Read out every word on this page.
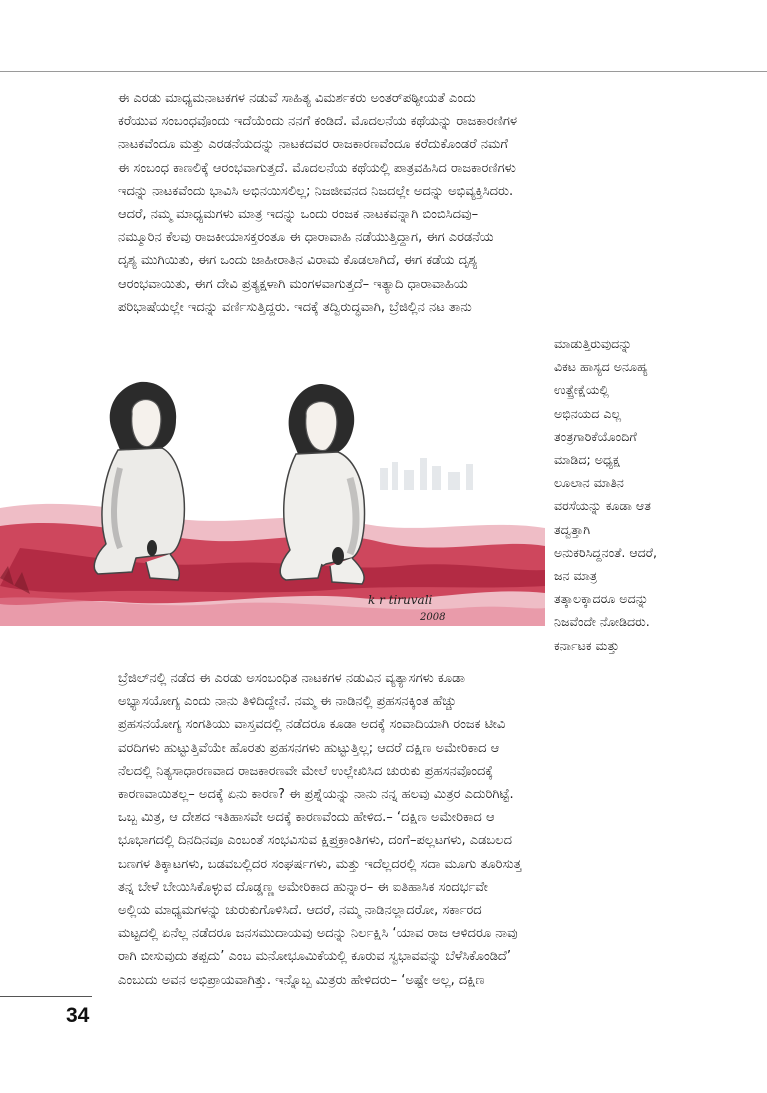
ಈ ಎರಡು ಮಾಧ್ಯಮನಾಟಕಗಳ ನಡುವೆ ಸಾಹಿತ್ಯ ವಿಮರ್ಶಕರು ಅಂತರ್‌ಪಠ್ಯೀಯತೆ ಎಂದು
ಕರೆಯುವ ಸಂಬಂಧವೊಂದು ಇದೆಯೆಂದು ನನಗೆ ಕಂಡಿದೆ. ಮೊದಲನೆಯ ಕಥೆಯನ್ನು ರಾಜಕಾರಣಿಗಳ
ನಾಟಕವೆಂದೂ ಮತ್ತು ಎರಡನೆಯದನ್ನು ನಾಟಕದವರ ರಾಜಕಾರಣವೆಂದೂ ಕರೆದುಕೊಂಡರೆ ನಮಗೆ
ಈ ಸಂಬಂಧ ಕಾಣಲಿಕ್ಕೆ ಆರಂಭವಾಗುತ್ತದೆ. ಮೊದಲನೆಯ ಕಥೆಯಲ್ಲಿ ಪಾತ್ರವಹಿಸಿದ ರಾಜಕಾರಣಿಗಳು
ಇದನ್ನು ನಾಟಕವೆಂದು ಭಾವಿಸಿ ಅಭಿನಯಿಸಲಿಲ್ಲ; ನಿಜಜೀವನದ ನಿಜದಲ್ಲೇ ಅದನ್ನು ಅಭಿವ್ಯಕ್ತಿಸಿದರು.
ಆದರೆ, ನಮ್ಮ ಮಾಧ್ಯಮಗಳು ಮಾತ್ರ ಇದನ್ನು ಒಂದು ರಂಜಕ ನಾಟಕವನ್ನಾಗಿ ಬಿಂಬಿಸಿದವು–
ನಮ್ಮೂರಿನ ಕೆಲವು ರಾಜಕೀಯಾಸಕ್ತರಂತೂ ಈ ಧಾರಾವಾಹಿ ನಡೆಯುತ್ತಿದ್ದಾಗ, ಈಗ ಎರಡನೆಯ
ದೃಶ್ಯ ಮುಗಿಯಿತು, ಈಗ ಒಂದು ಜಾಹೀರಾತಿನ ವಿರಾಮ ಕೊಡಲಾಗಿದೆ, ಈಗ ಕಡೆಯ ದೃಶ್ಯ
ಆರಂಭವಾಯಿತು, ಈಗ ದೇವಿ ಪ್ರತ್ಯಕ್ಷಳಾಗಿ ಮಂಗಳವಾಗುತ್ತದೆ– ಇತ್ಯಾದಿ ಧಾರಾವಾಹಿಯ
ಪರಿಭಾಷೆಯಲ್ಲೇ ಇದನ್ನು ವರ್ಣಿಸುತ್ತಿದ್ದರು. ಇದಕ್ಕೆ ತದ್ವಿರುದ್ಧವಾಗಿ, ಬ್ರೆಜಿಲ್ಲಿನ ನಟ ತಾನು
k r tiruvali
2008
ಮಾಡುತ್ತಿರುವುದನ್ನು
ವಿಕಟ ಹಾಸ್ಯದ ಅನೂಹ್ಯ
ಉತ್ಪ್ರೇಕ್ಷೆಯಲ್ಲಿ
ಅಭಿನಯದ ಎಲ್ಲ
ತಂತ್ರಗಾರಿಕೆಯೊಂದಿಗೆ
ಮಾಡಿದ; ಅಧ್ಯಕ್ಷ
ಲೂಲಾನ ಮಾತಿನ
ವರಸೆಯನ್ನು ಕೂಡಾ ಆತ
ತದ್ವತ್ತಾಗಿ
ಅನುಕರಿಸಿದ್ದನಂತೆ. ಆದರೆ,
ಜನ ಮಾತ್ರ
ತತ್ಕಾಲಕ್ಕಾದರೂ ಅದನ್ನು
ನಿಜವೆಂದೇ ನೋಡಿದರು.
ಕರ್ನಾಟಕ ಮತ್ತು
ಬ್ರೆಜಿಲ್‌ನಲ್ಲಿ ನಡೆದ ಈ ಎರಡು ಅಸಂಬಂಧಿತ ನಾಟಕಗಳ ನಡುವಿನ ವ್ಯತ್ಯಾಸಗಳು ಕೂಡಾ
ಅಭ್ಯಾಸಯೋಗ್ಯ ಎಂದು ನಾನು ತಿಳಿದಿದ್ದೇನೆ. ನಮ್ಮ ಈ ನಾಡಿನಲ್ಲಿ ಪ್ರಹಸನಕ್ಕಿಂತ ಹೆಚ್ಚು
ಪ್ರಹಸನಯೋಗ್ಯ ಸಂಗತಿಯು ವಾಸ್ತವದಲ್ಲಿ ನಡೆದರೂ ಕೂಡಾ ಅದಕ್ಕೆ ಸಂವಾದಿಯಾಗಿ ರಂಜಕ ಟೀವಿ
ವರದಿಗಳು ಹುಟ್ಟುತ್ತಿವೆಯೇ ಹೊರತು ಪ್ರಹಸನಗಳು ಹುಟ್ಟುತ್ತಿಲ್ಲ; ಆದರೆ ದಕ್ಷಿಣ ಅಮೇರಿಕಾದ ಆ
ನೆಲದಲ್ಲಿ ನಿತ್ಯಸಾಧಾರಣವಾದ ರಾಜಕಾರಣವೇ ಮೇಲೆ ಉಲ್ಲೇಖಿಸಿದ ಚುರುಕು ಪ್ರಹಸನವೊಂದಕ್ಕೆ
ಕಾರಣವಾಯಿತಲ್ಲ– ಅದಕ್ಕೆ ಏನು ಕಾರಣ? ಈ ಪ್ರಶ್ನೆಯನ್ನು ನಾನು ನನ್ನ ಹಲವು ಮಿತ್ರರ ಎದುರಿಗಿಟ್ಟೆ.
ಒಬ್ಬ ಮಿತ್ರ, ಆ ದೇಶದ ಇತಿಹಾಸವೇ ಅದಕ್ಕೆ ಕಾರಣವೆಂದು ಹೇಳಿದ.– ‘ದಕ್ಷಿಣ ಅಮೇರಿಕಾದ ಆ
ಭೂಭಾಗದಲ್ಲಿ ದಿನದಿನವೂ ಎಂಬಂತೆ ಸಂಭವಿಸುವ ಕ್ಷಿಪ್ರಕ್ರಾಂತಿಗಳು, ದಂಗೆ–ಪಲ್ಲಟಗಳು, ಎಡಬಲದ
ಬಣಗಳ ತಿಕ್ಕಾಟಗಳು, ಬಡವಬಲ್ಲಿದರ ಸಂಘರ್ಷಗಳು, ಮತ್ತು ಇದೆಲ್ಲದರಲ್ಲಿ ಸದಾ ಮೂಗು ತೂರಿಸುತ್ತ
ತನ್ನ ಬೇಳೆ ಬೇಯಿಸಿಕೊಳ್ಳುವ ದೊಡ್ಡಣ್ಣ ಅಮೇರಿಕಾದ ಹುನ್ನಾರ– ಈ ಐತಿಹಾಸಿಕ ಸಂದರ್ಭವೇ
ಅಲ್ಲಿಯ ಮಾಧ್ಯಮಗಳನ್ನು ಚುರುಕುಗೊಳಿಸಿದೆ. ಆದರೆ, ನಮ್ಮ ನಾಡಿನಲ್ಲಾದರೋ, ಸರ್ಕಾರದ
ಮಟ್ಟದಲ್ಲಿ ಏನೆಲ್ಲ ನಡೆದರೂ ಜನಸಮುದಾಯವು ಅದನ್ನು ನಿರ್ಲಕ್ಷಿಸಿ ‘ಯಾವ ರಾಜ ಆಳಿದರೂ ನಾವು
ರಾಗಿ ಬೀಸುವುದು ತಪ್ಪದು’ ಎಂಬ ಮನೋಭೂಮಿಕೆಯಲ್ಲಿ ಕೂರುವ ಸ್ವಭಾವವನ್ನು ಬೆಳೆಸಿಕೊಂಡಿದೆ’
ಎಂಬುದು ಅವನ ಅಭಿಪ್ರಾಯವಾಗಿತ್ತು. ಇನ್ನೊಬ್ಬ ಮಿತ್ರರು ಹೇಳಿದರು– ‘ಅಷ್ಟೇ ಅಲ್ಲ, ದಕ್ಷಿಣ
34
